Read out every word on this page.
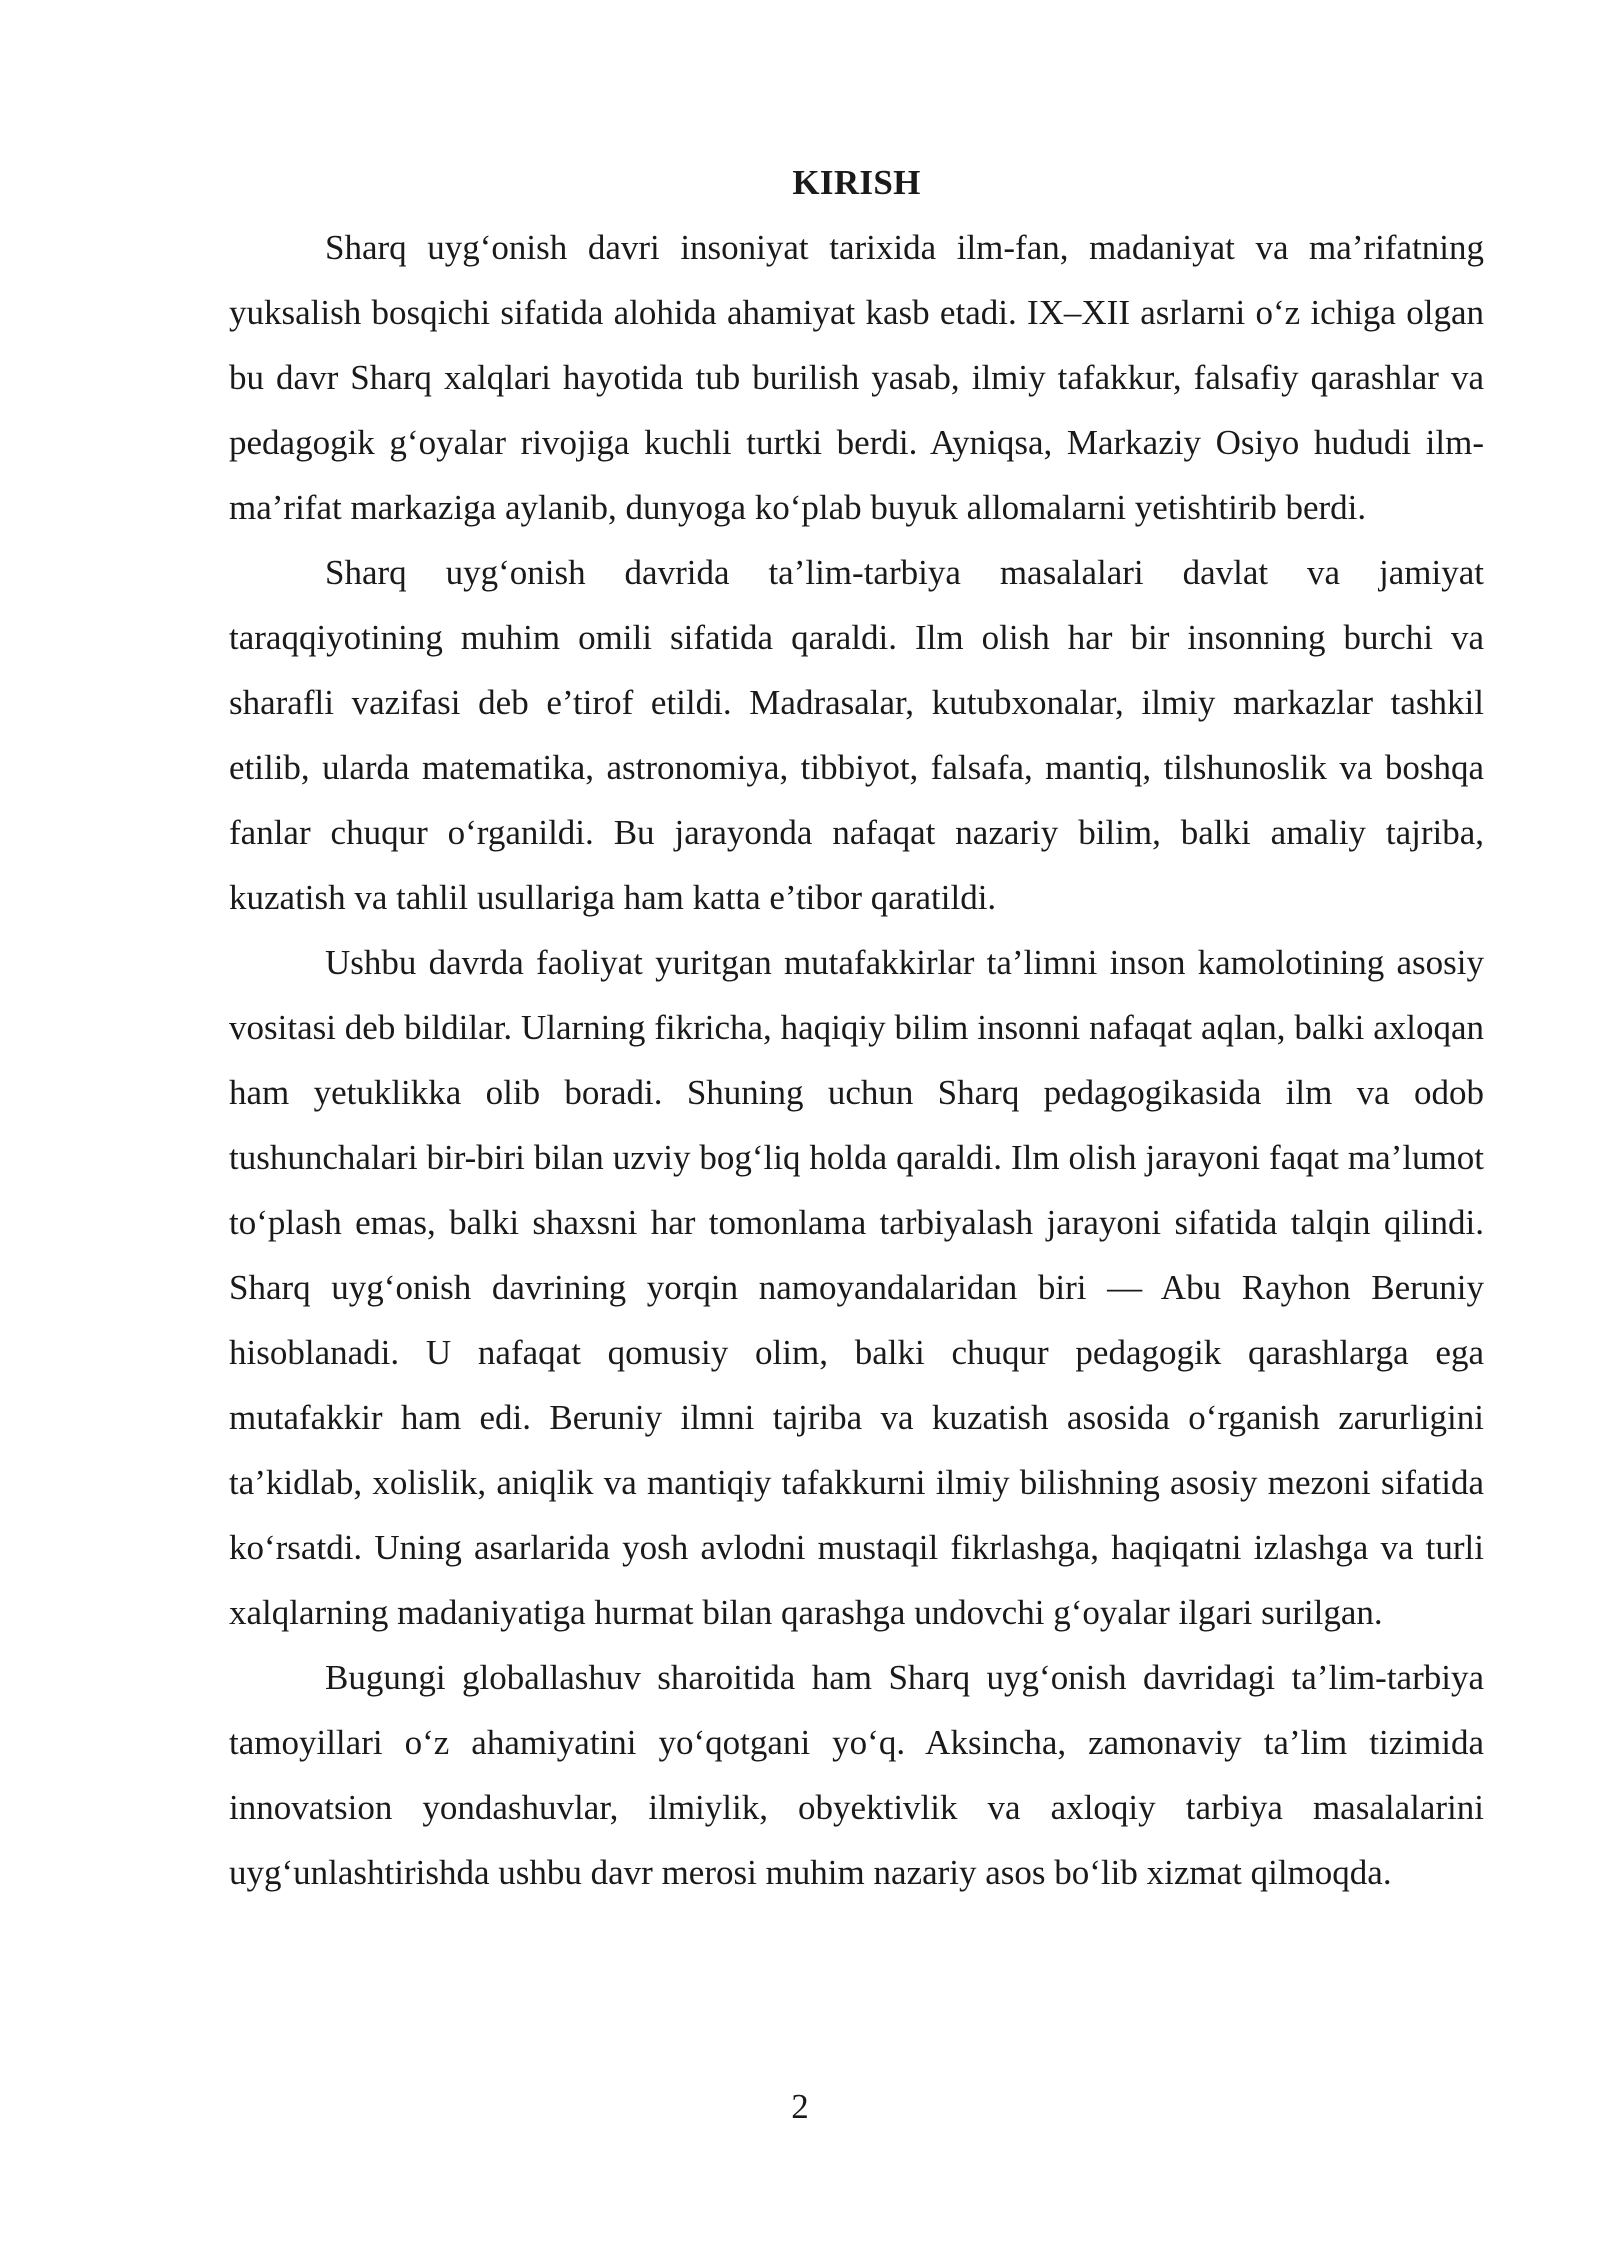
KIRISH

Sharq uyg‘onish davri insoniyat tarixida ilm-fan, madaniyat va ma’rifatning yuksalish bosqichi sifatida alohida ahamiyat kasb etadi. IX–XII asrlarni o‘z ichiga olgan bu davr Sharq xalqlari hayotida tub burilish yasab, ilmiy tafakkur, falsafiy qarashlar va pedagogik g‘oyalar rivojiga kuchli turtki berdi. Ayniqsa, Markaziy Osiyo hududi ilm-ma’rifat markaziga aylanib, dunyoga ko‘plab buyuk allomalarni yetishtirib berdi.

Sharq uyg‘onish davrida ta’lim-tarbiya masalalari davlat va jamiyat taraqqiyotining muhim omili sifatida qaraldi. Ilm olish har bir insonning burchi va sharafli vazifasi deb e’tirof etildi. Madrasalar, kutubxonalar, ilmiy markazlar tashkil etilib, ularda matematika, astronomiya, tibbiyot, falsafa, mantiq, tilshunoslik va boshqa fanlar chuqur o‘rganildi. Bu jarayonda nafaqat nazariy bilim, balki amaliy tajriba, kuzatish va tahlil usullariga ham katta e’tibor qaratildi.

Ushbu davrda faoliyat yuritgan mutafakkirlar ta’limni inson kamolotining asosiy vositasi deb bildilar. Ularning fikricha, haqiqiy bilim insonni nafaqat aqlan, balki axloqan ham yetuklikka olib boradi. Shuning uchun Sharq pedagogikasida ilm va odob tushunchalari bir-biri bilan uzviy bog‘liq holda qaraldi. Ilm olish jarayoni faqat ma’lumot to‘plash emas, balki shaxsni har tomonlama tarbiyalash jarayoni sifatida talqin qilindi. Sharq uyg‘onish davrining yorqin namoyandalaridan biri — Abu Rayhon Beruniy hisoblanadi. U nafaqat qomusiy olim, balki chuqur pedagogik qarashlarga ega mutafakkir ham edi. Beruniy ilmni tajriba va kuzatish asosida o‘rganish zarurligini ta’kidlab, xolislik, aniqlik va mantiqiy tafakkurni ilmiy bilishning asosiy mezoni sifatida ko‘rsatdi. Uning asarlarida yosh avlodni mustaqil fikrlashga, haqiqatni izlashga va turli xalqlarning madaniyatiga hurmat bilan qarashga undovchi g‘oyalar ilgari surilgan.

Bugungi globallashuv sharoitida ham Sharq uyg‘onish davridagi ta’lim-tarbiya tamoyillari o‘z ahamiyatini yo‘qotgani yo‘q. Aksincha, zamonaviy ta’lim tizimida innovatsion yondashuvlar, ilmiylik, obyektivlik va axloqiy tarbiya masalalarini uyg‘unlashtirishda ushbu davr merosi muhim nazariy asos bo‘lib xizmat qilmoqda.

2
